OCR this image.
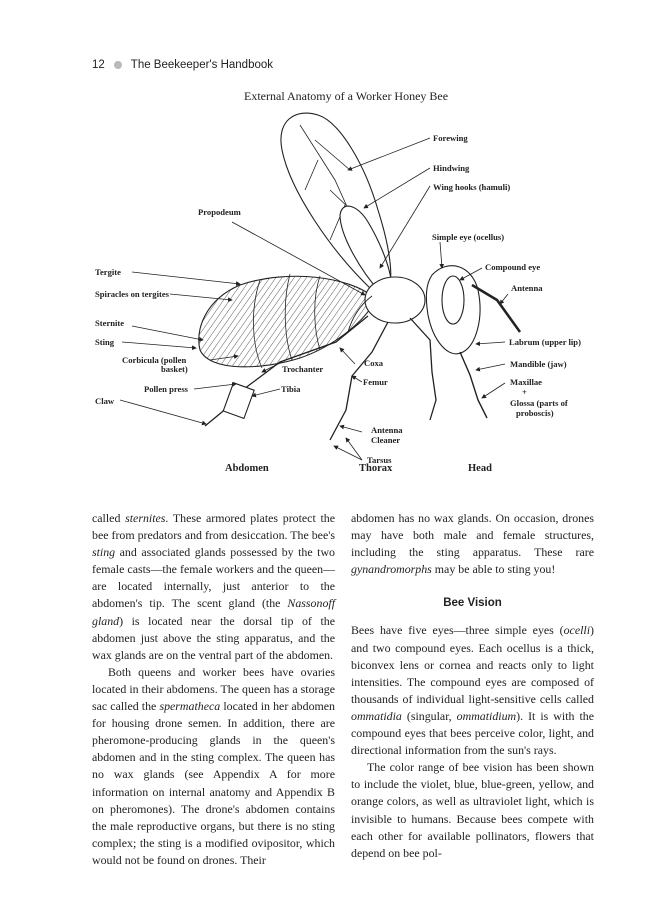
12 The Beekeeper's Handbook
External Anatomy of a Worker Honey Bee
Forewing
Hindwing
Wing hooks (hamuli)
Propodeum
Simple eye (ocellus)
Compound eye
Antenna
Tergite
Spiracles on tergites
Sternite
Sting	Labrum (upper lip)
Corbicula (pollen
basket)	Trochanter
Coxa	Mandible (jaw)
Pollen press	Tibia
Femur	Maxillae
+
Glossa (parts of
proboscis)
Claw
Antenna
Cleaner
Tarsus
Abdomen	Thorax	Head

called sternites. These armored plates protect the bee from predators and from desiccation. The bee's sting and associated glands possessed by the two female casts—the female workers and the queen—are located internally, just anterior to the abdomen's tip. The scent gland (the Nassonoff gland) is located near the dorsal tip of the abdomen just above the sting apparatus, and the wax glands are on the ventral part of the abdomen.

Both queens and worker bees have ovaries located in their abdomens. The queen has a storage sac called the spermatheca located in her abdomen for housing drone semen. In addition, there are pheromone-producing glands in the queen's abdomen and in the sting complex. The queen has no wax glands (see Appendix A for more information on internal anatomy and Appendix B on pheromones). The drone's abdomen contains the male reproductive organs, but there is no sting complex; the sting is a modified ovipositor, which would not be found on drones. Their

abdomen has no wax glands. On occasion, drones may have both male and female structures, including the sting apparatus. These rare gynandromorphs may be able to sting you!

Bee Vision

Bees have five eyes—three simple eyes (ocelli) and two compound eyes. Each ocellus is a thick, biconvex lens or cornea and reacts only to light intensities. The compound eyes are composed of thousands of individual light-sensitive cells called ommatidia (singular, ommatidium). It is with the compound eyes that bees perceive color, light, and directional information from the sun's rays.

The color range of bee vision has been shown to include the violet, blue, blue-green, yellow, and orange colors, as well as ultraviolet light, which is invisible to humans. Because bees compete with each other for available pollinators, flowers that depend on bee pol-
